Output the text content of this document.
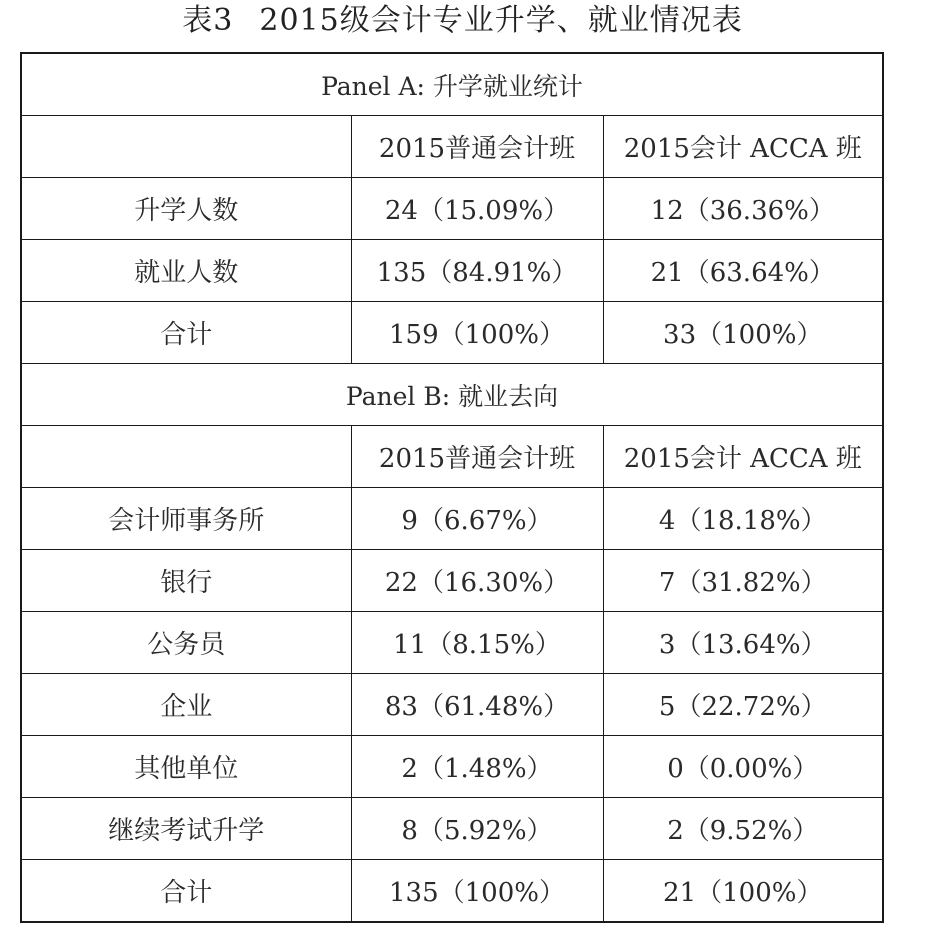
表3 2015级会计专业升学、就业情况表
Panel A: 升学就业统计		
	2015普通会计班	2015会计 ACCA 班
升学人数	24（15.09%）	12（36.36%）
就业人数	135（84.91%）	21（63.64%）
合计	159（100%）	33（100%）
Panel B: 就业去向		
	2015普通会计班	2015会计 ACCA 班
会计师事务所	9（6.67%）	4（18.18%）
银行	22（16.30%）	7（31.82%）
公务员	11（8.15%）	3（13.64%）
企业	83（61.48%）	5（22.72%）
其他单位	2（1.48%）	0（0.00%）
继续考试升学	8（5.92%）	2（9.52%）
合计	135（100%）	21（100%）
